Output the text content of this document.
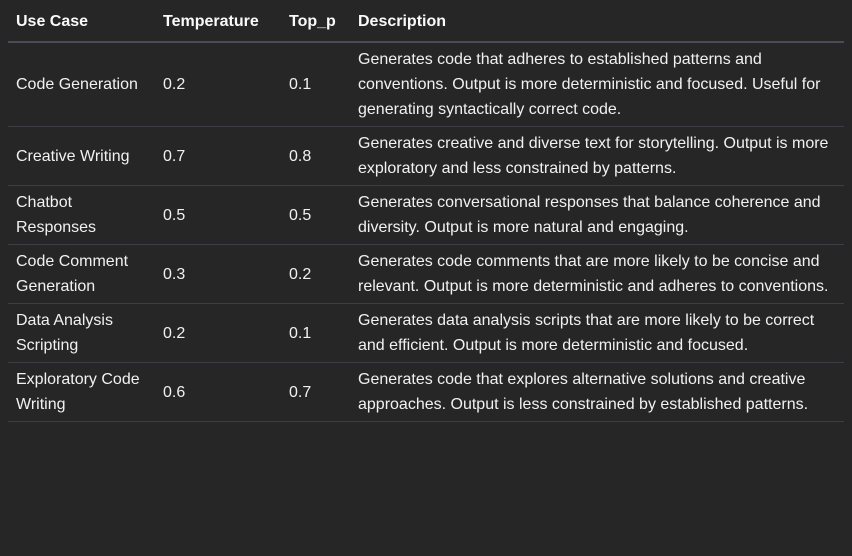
Use Case	Temperature	Top_p	Description
Code Generation	0.2	0.1	Generates code that adheres to established patterns and conventions. Output is more deterministic and focused. Useful for generating syntactically correct code.
Creative Writing	0.7	0.8	Generates creative and diverse text for storytelling. Output is more exploratory and less constrained by patterns.
Chatbot Responses	0.5	0.5	Generates conversational responses that balance coherence and diversity. Output is more natural and engaging.
Code Comment Generation	0.3	0.2	Generates code comments that are more likely to be concise and relevant. Output is more deterministic and adheres to conventions.
Data Analysis Scripting	0.2	0.1	Generates data analysis scripts that are more likely to be correct and efficient. Output is more deterministic and focused.
Exploratory Code Writing	0.6	0.7	Generates code that explores alternative solutions and creative approaches. Output is less constrained by established patterns.
